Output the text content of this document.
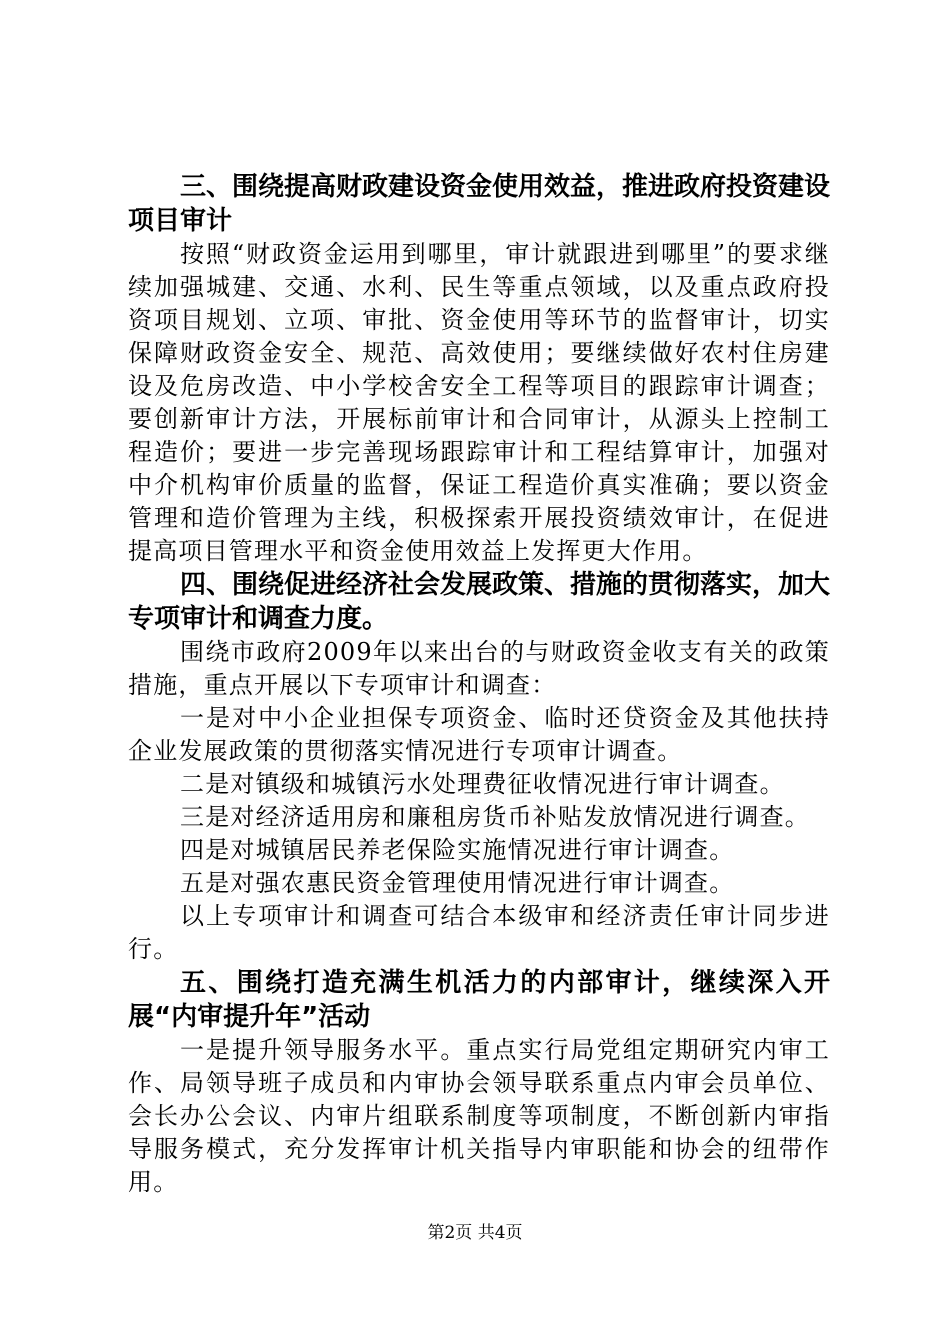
三、围绕提高财政建设资金使用效益，推进政府投资建设项目审计

按照“财政资金运用到哪里，审计就跟进到哪里”的要求继续加强城建、交通、水利、民生等重点领域，以及重点政府投资项目规划、立项、审批、资金使用等环节的监督审计，切实保障财政资金安全、规范、高效使用；要继续做好农村住房建设及危房改造、中小学校舍安全工程等项目的跟踪审计调查；要创新审计方法，开展标前审计和合同审计，从源头上控制工程造价；要进一步完善现场跟踪审计和工程结算审计，加强对中介机构审价质量的监督，保证工程造价真实准确；要以资金管理和造价管理为主线，积极探索开展投资绩效审计，在促进提高项目管理水平和资金使用效益上发挥更大作用。

四、围绕促进经济社会发展政策、措施的贯彻落实，加大专项审计和调查力度。

围绕市政府2009年以来出台的与财政资金收支有关的政策措施，重点开展以下专项审计和调查：

一是对中小企业担保专项资金、临时还贷资金及其他扶持企业发展政策的贯彻落实情况进行专项审计调查。

二是对镇级和城镇污水处理费征收情况进行审计调查。

三是对经济适用房和廉租房货币补贴发放情况进行调查。

四是对城镇居民养老保险实施情况进行审计调查。

五是对强农惠民资金管理使用情况进行审计调查。

以上专项审计和调查可结合本级审和经济责任审计同步进行。

五、围绕打造充满生机活力的内部审计，继续深入开展“内审提升年”活动

一是提升领导服务水平。重点实行局党组定期研究内审工作、局领导班子成员和内审协会领导联系重点内审会员单位、会长办公会议、内审片组联系制度等项制度，不断创新内审指导服务模式，充分发挥审计机关指导内审职能和协会的纽带作用。

第2页 共4页
